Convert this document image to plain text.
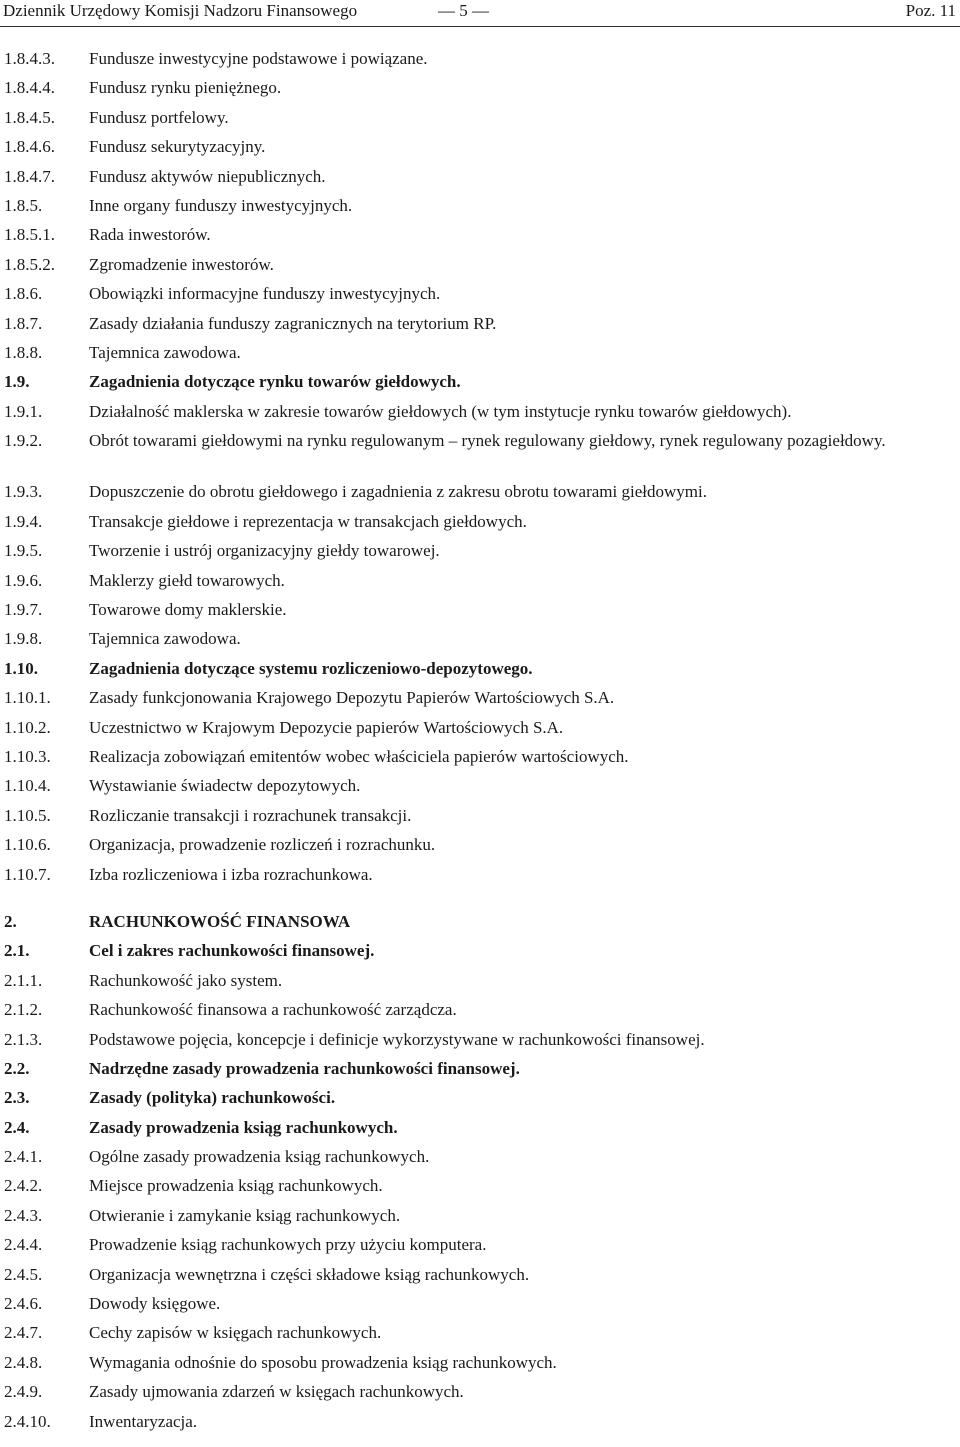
Dziennik Urzędowy Komisji Nadzoru Finansowego	— 5 —	Poz. 11
1.8.4.3.	Fundusze inwestycyjne podstawowe i powiązane.
1.8.4.4.	Fundusz rynku pieniężnego.
1.8.4.5.	Fundusz portfelowy.
1.8.4.6.	Fundusz sekurytyzacyjny.
1.8.4.7.	Fundusz aktywów niepublicznych.
1.8.5.	Inne organy funduszy inwestycyjnych.
1.8.5.1.	Rada inwestorów.
1.8.5.2.	Zgromadzenie inwestorów.
1.8.6.	Obowiązki informacyjne funduszy inwestycyjnych.
1.8.7.	Zasady działania funduszy zagranicznych na terytorium RP.
1.8.8.	Tajemnica zawodowa.
1.9.	Zagadnienia dotyczące rynku towarów giełdowych.
1.9.1.	Działalność maklerska w zakresie towarów giełdowych (w tym instytucje rynku towarów giełdowych).
1.9.2.	Obrót towarami giełdowymi na rynku regulowanym – rynek regulowany giełdowy, rynek regulowany pozagiełdowy.
1.9.3.	Dopuszczenie do obrotu giełdowego i zagadnienia z zakresu obrotu towarami giełdowymi.
1.9.4.	Transakcje giełdowe i reprezentacja w transakcjach giełdowych.
1.9.5.	Tworzenie i ustrój organizacyjny giełdy towarowej.
1.9.6.	Maklerzy giełd towarowych.
1.9.7.	Towarowe domy maklerskie.
1.9.8.	Tajemnica zawodowa.
1.10.	Zagadnienia dotyczące systemu rozliczeniowo-depozytowego.
1.10.1.	Zasady funkcjonowania Krajowego Depozytu Papierów Wartościowych S.A.
1.10.2.	Uczestnictwo w Krajowym Depozycie papierów Wartościowych S.A.
1.10.3.	Realizacja zobowiązań emitentów wobec właściciela papierów wartościowych.
1.10.4.	Wystawianie świadectw depozytowych.
1.10.5.	Rozliczanie transakcji i rozrachunek transakcji.
1.10.6.	Organizacja, prowadzenie rozliczeń i rozrachunku.
1.10.7.	Izba rozliczeniowa i izba rozrachunkowa.
2.	RACHUNKOWOŚĆ FINANSOWA
2.1.	Cel i zakres rachunkowości finansowej.
2.1.1.	Rachunkowość jako system.
2.1.2.	Rachunkowość finansowa a rachunkowość zarządcza.
2.1.3.	Podstawowe pojęcia, koncepcje i definicje wykorzystywane w rachunkowości finansowej.
2.2.	Nadrzędne zasady prowadzenia rachunkowości finansowej.
2.3.	Zasady (polityka) rachunkowości.
2.4.	Zasady prowadzenia ksiąg rachunkowych.
2.4.1.	Ogólne zasady prowadzenia ksiąg rachunkowych.
2.4.2.	Miejsce prowadzenia ksiąg rachunkowych.
2.4.3.	Otwieranie i zamykanie ksiąg rachunkowych.
2.4.4.	Prowadzenie ksiąg rachunkowych przy użyciu komputera.
2.4.5.	Organizacja wewnętrzna i części składowe ksiąg rachunkowych.
2.4.6.	Dowody księgowe.
2.4.7.	Cechy zapisów w księgach rachunkowych.
2.4.8.	Wymagania odnośnie do sposobu prowadzenia ksiąg rachunkowych.
2.4.9.	Zasady ujmowania zdarzeń w księgach rachunkowych.
2.4.10.	Inwentaryzacja.
